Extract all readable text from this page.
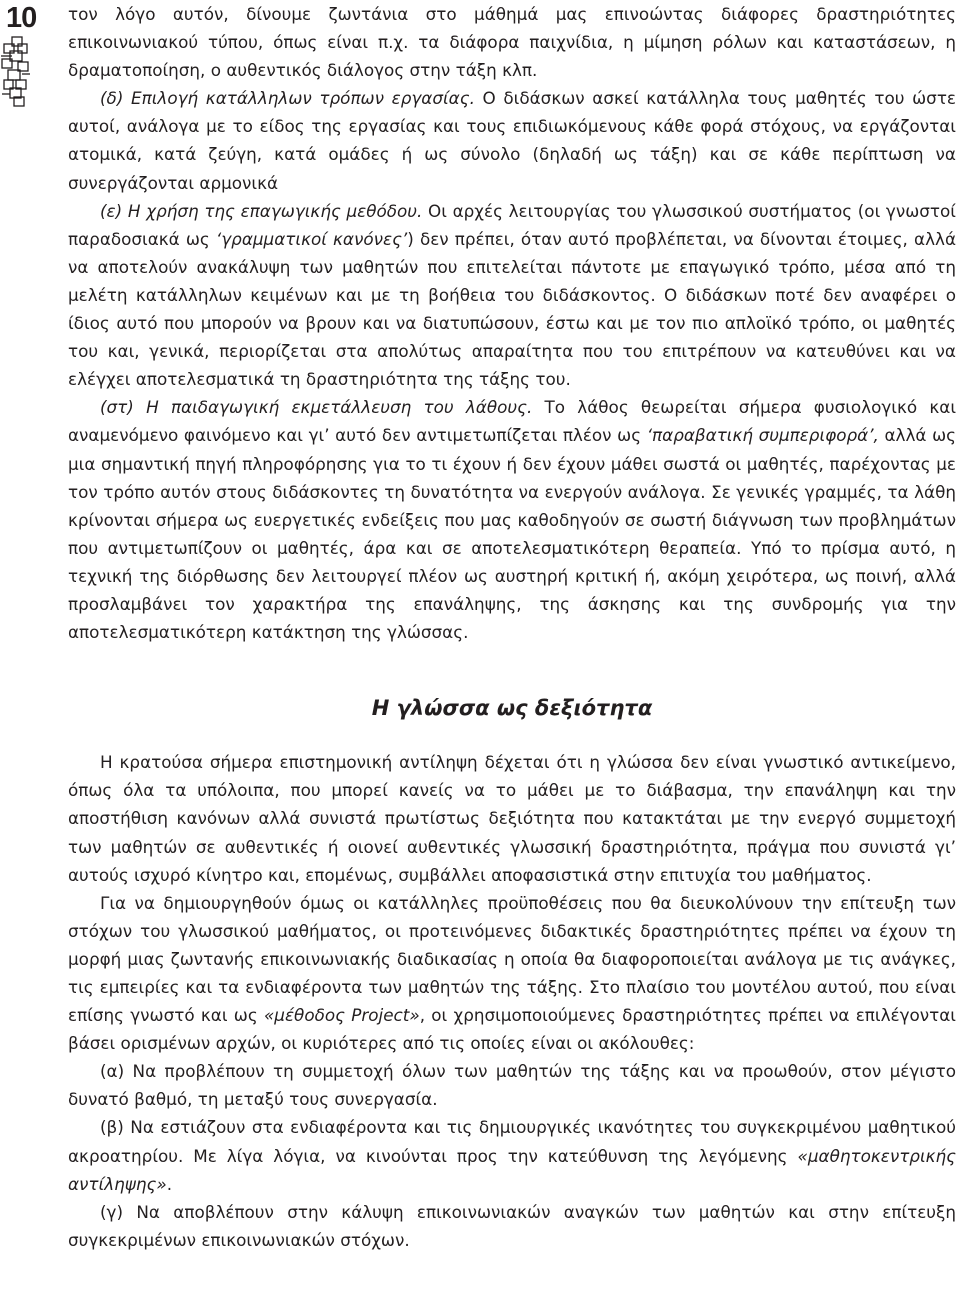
10 τον λόγο αυτόν, δίνουμε ζωντάνια στο μάθημά μας επινοώντας διάφορες δραστηριότητες επικοινωνιακού τύπου, όπως είναι π.χ. τα διάφορα παιχνίδια, η μίμηση ρόλων και καταστάσεων, η δραματοποίηση, ο αυθεντικός διάλογος στην τάξη κλπ.

(δ) Επιλογή κατάλληλων τρόπων εργασίας. Ο διδάσκων ασκεί κατάλληλα τους μαθητές του ώστε αυτοί, ανάλογα με το είδος της εργασίας και τους επιδιωκόμενους κάθε φορά στόχους, να εργάζονται ατομικά, κατά ζεύγη, κατά ομάδες ή ως σύνολο (δηλαδή ως τάξη) και σε κάθε περίπτωση να συνεργάζονται αρμονικά

(ε) Η χρήση της επαγωγικής μεθόδου. Οι αρχές λειτουργίας του γλωσσικού συστήματος (οι γνωστοί παραδοσιακά ως ‘γραμματικοί κανόνες’) δεν πρέπει, όταν αυτό προβλέπεται, να δίνονται έτοιμες, αλλά να αποτελούν ανακάλυψη των μαθητών που επιτελείται πάντοτε με επαγωγικό τρόπο, μέσα από τη μελέτη κατάλληλων κειμένων και με τη βοήθεια του διδάσκοντος. Ο διδάσκων ποτέ δεν αναφέρει ο ίδιος αυτό που μπορούν να βρουν και να διατυπώσουν, έστω και με τον πιο απλοϊκό τρόπο, οι μαθητές του και, γενικά, περιορίζεται στα απολύτως απαραίτητα που του επιτρέπουν να κατευθύνει και να ελέγχει αποτελεσματικά τη δραστηριότητα της τάξης του.

(στ) Η παιδαγωγική εκμετάλλευση του λάθους. Το λάθος θεωρείται σήμερα φυσιολογικό και αναμενόμενο φαινόμενο και γι’ αυτό δεν αντιμετωπίζεται πλέον ως ‘παραβατική συμπεριφορά’, αλλά ως μια σημαντική πηγή πληροφόρησης για το τι έχουν ή δεν έχουν μάθει σωστά οι μαθητές, παρέχοντας με τον τρόπο αυτόν στους διδάσκοντες τη δυνατότητα να ενεργούν ανάλογα. Σε γενικές γραμμές, τα λάθη κρίνονται σήμερα ως ευεργετικές ενδείξεις που μας καθοδηγούν σε σωστή διάγνωση των προβλημάτων που αντιμετωπίζουν οι μαθητές, άρα και σε αποτελεσματικότερη θεραπεία. Υπό το πρίσμα αυτό, η τεχνική της διόρθωσης δεν λειτουργεί πλέον ως αυστηρή κριτική ή, ακόμη χειρότερα, ως ποινή, αλλά προσλαμβάνει τον χαρακτήρα της επανάληψης, της άσκησης και της συνδρομής για την αποτελεσματικότερη κατάκτηση της γλώσσας.

Η γλώσσα ως δεξιότητα

Η κρατούσα σήμερα επιστημονική αντίληψη δέχεται ότι η γλώσσα δεν είναι γνωστικό αντικείμενο, όπως όλα τα υπόλοιπα, που μπορεί κανείς να το μάθει με το διάβασμα, την επανάληψη και την αποστήθιση κανόνων αλλά συνιστά πρωτίστως δεξιότητα που κατακτάται με την ενεργό συμμετοχή των μαθητών σε αυθεντικές ή οιονεί αυθεντικές γλωσσική δραστηριότητα, πράγμα που συνιστά γι’ αυτούς ισχυρό κίνητρο και, επομένως, συμβάλλει αποφασιστικά στην επιτυχία του μαθήματος.

Για να δημιουργηθούν όμως οι κατάλληλες προϋποθέσεις που θα διευκολύνουν την επίτευξη των στόχων του γλωσσικού μαθήματος, οι προτεινόμενες διδακτικές δραστηριότητες πρέπει να έχουν τη μορφή μιας ζωντανής επικοινωνιακής διαδικασίας η οποία θα διαφοροποιείται ανάλογα με τις ανάγκες, τις εμπειρίες και τα ενδιαφέροντα των μαθητών της τάξης. Στο πλαίσιο του μοντέλου αυτού, που είναι επίσης γνωστό και ως «μέθοδος Project», οι χρησιμοποιούμενες δραστηριότητες πρέπει να επιλέγονται βάσει ορισμένων αρχών, οι κυριότερες από τις οποίες είναι οι ακόλουθες:

(α) Να προβλέπουν τη συμμετοχή όλων των μαθητών της τάξης και να προωθούν, στον μέγιστο δυνατό βαθμό, τη μεταξύ τους συνεργασία.

(β) Να εστιάζουν στα ενδιαφέροντα και τις δημιουργικές ικανότητες του συγκεκριμένου μαθητικού ακροατηρίου. Με λίγα λόγια, να κινούνται προς την κατεύθυνση της λεγόμενης «μαθητοκεντρικής αντίληψης».

(γ) Να αποβλέπουν στην κάλυψη επικοινωνιακών αναγκών των μαθητών και στην επίτευξη συγκεκριμένων επικοινωνιακών στόχων.
